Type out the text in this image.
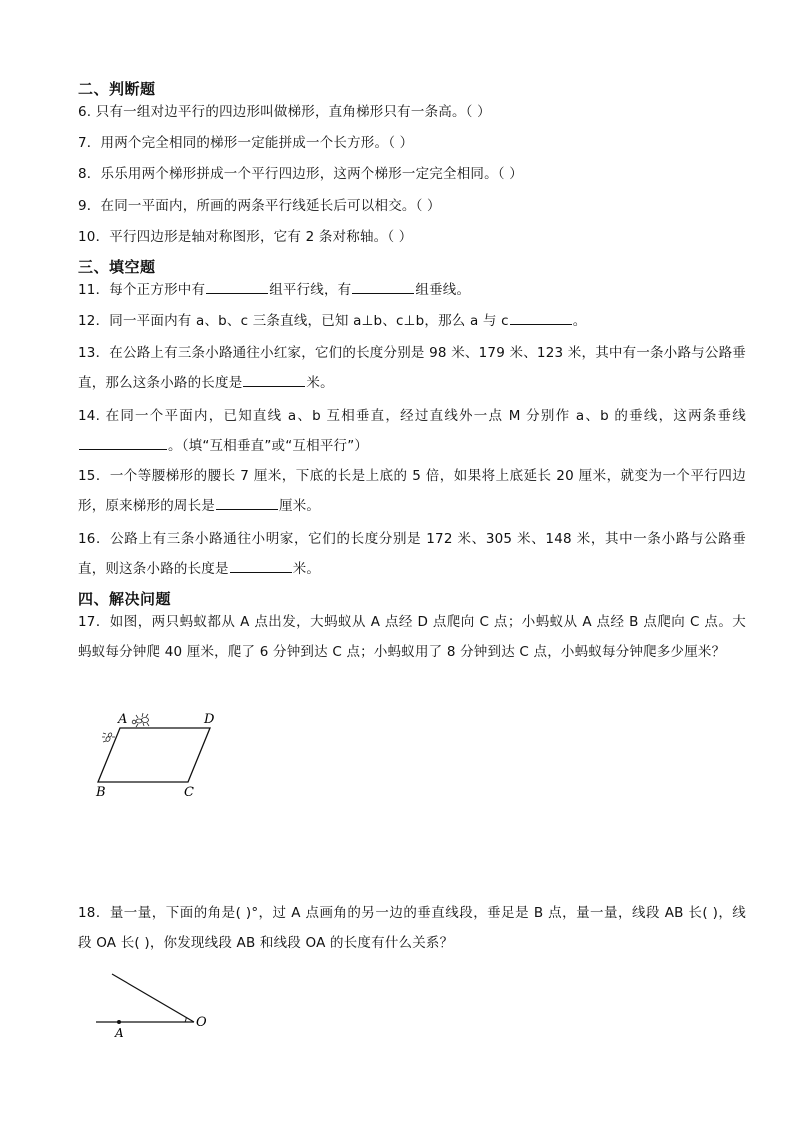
二、判断题
6. 只有一组对边平行的四边形叫做梯形，直角梯形只有一条高。（ ）
7．用两个完全相同的梯形一定能拼成一个长方形。（ ）
8．乐乐用两个梯形拼成一个平行四边形，这两个梯形一定完全相同。（ ）
9．在同一平面内，所画的两条平行线延长后可以相交。（ ）
10．平行四边形是轴对称图形，它有 2 条对称轴。（ ）
三、填空题
11．每个正方形中有	组平行线，有	组垂线。
12．同一平面内有 a、b、c 三条直线，已知 a⊥b、c⊥b，那么 a 与 c	。
13．在公路上有三条小路通往小红家，它们的长度分别是 98 米、179 米、123 米，其中有一条小路与公路垂直，那么这条小路的长度是	米。
14. 在同一个平面内，已知直线 a、b 互相垂直，经过直线外一点 M 分别作 a、b 的垂线，这两条垂线。（填“互相垂直”或“互相平行”）
15．一个等腰梯形的腰长 7 厘米，下底的长是上底的 5 倍，如果将上底延长 20 厘米，就变为一个平行四边形，原来梯形的周长是	厘米。
16．公路上有三条小路通往小明家，它们的长度分别是 172 米、305 米、148 米，其中一条小路与公路垂直，则这条小路的长度是	米。
四、解决问题
17．如图，两只蚂蚁都从 A 点出发，大蚂蚁从 A 点经 D 点爬向 C 点；小蚂蚁从 A 点经 B 点爬向 C 点。大蚂蚁每分钟爬 40 厘米，爬了 6 分钟到达 C 点；小蚂蚁用了 8 分钟到达 C 点，小蚂蚁每分钟爬多少厘米？
A	D
B	C
18．量一量，下面的角是( )°，过 A 点画角的另一边的垂直线段，垂足是 B 点，量一量，线段 AB 长( )，线段 OA 长( )，你发现线段 AB 和线段 OA 的长度有什么关系？
A
O
